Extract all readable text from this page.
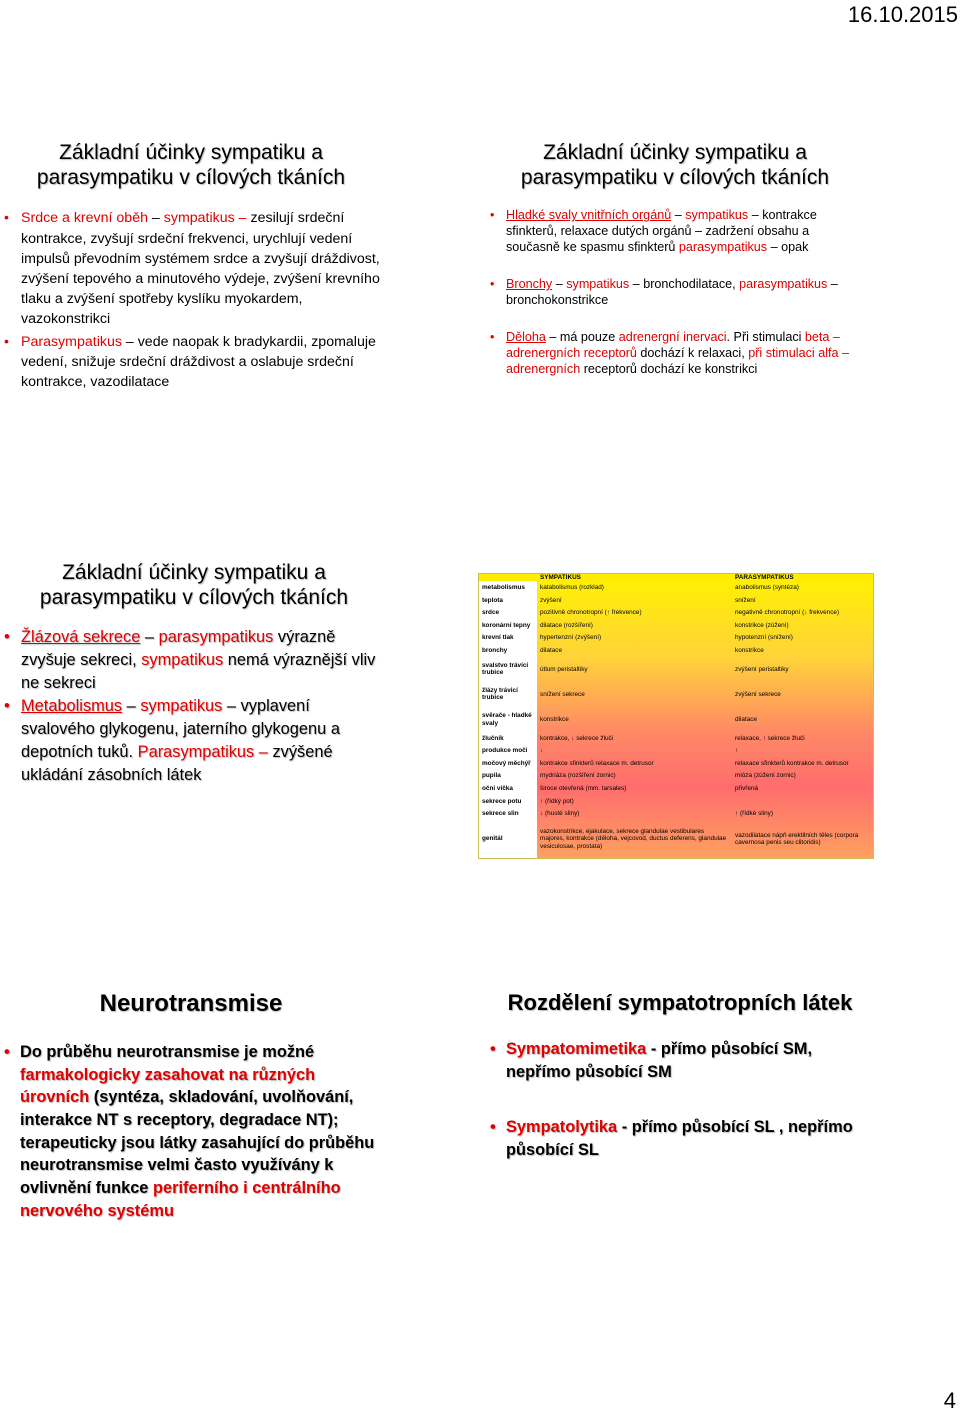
16.10.2015
Základní účinky sympatiku a parasympatiku v cílových tkáních
• Srdce a krevní oběh – sympatikus – zesilují srdeční kontrakce, zvyšují srdeční frekvenci, urychlují vedení impulsů převodním systémem srdce a zvyšují dráždivost, zvýšení tepového a minutového výdeje, zvýšení krevního tlaku a zvýšení spotřeby kyslíku myokardem, vazokonstrikci
• Parasympatikus – vede naopak k bradykardii, zpomaluje vedení, snižuje srdeční dráždivost a oslabuje srdeční kontrakce, vazodilatace
Základní účinky sympatiku a parasympatiku v cílových tkáních
• Hladké svaly vnitřních orgánů – sympatikus – kontrakce sfinkterů, relaxace dutých orgánů – zadržení obsahu a současně ke spasmu sfinkterů parasympatikus – opak
• Bronchy – sympatikus – bronchodilatace, parasympatikus – bronchokonstrikce
• Děloha – má pouze adrenergní inervaci. Při stimulaci beta – adrenergních receptorů dochází k relaxaci, při stimulaci alfa – adrenergních receptorů dochází ke konstrikci
Základní účinky sympatiku a parasympatiku v cílových tkáních
• Žlázová sekrece – parasympatikus výrazně zvyšuje sekreci, sympatikus nemá výraznější vliv ne sekreci
• Metabolismus – sympatikus – vyplavení svalového glykogenu, jaterního glykogenu a depotních tuků. Parasympatikus – zvýšené ukládání zásobních látek
	SYMPATIKUS	PARASYMPATIKUS
metabolismus	katabolismus (rozklad)	anabolismus (syntéza)
teplota	zvýšení	snížení
srdce	pozitivně chronotropní (↑ frekvence)	negativně chronotropní (↓ frekvence)
koronární tepny	dilatace (rozšíření)	konstrikce (zúžení)
krevní tlak	hypertenzní (zvýšení)	hypotenzní (snížení)
bronchy	dilatace	konstrikce
svalstvo trávící trubice	útlum peristaltiky	zvýšení peristaltiky
žlázy trávicí trubice	snížení sekrece	zvýšení sekrece
svěrače - hladké svaly	konstrikce	dilatace
žlučník	kontrakce, ↓ sekrece žluči	relaxace, ↑ sekrece žluči
produkce moči	↓	↑
močový měchýř	kontrakce sfinkterů relaxace m. detrusor	relaxace sfinkterů kontrakce m. detrusor
pupila	mydriáza (rozšíření zornic)	mióza (zúžení zornic)
oční víčka	široce otevřená (mm. tarsales)	přivřená
sekrece potu	↑ (řídký pot)	
sekrece slin	↓ (husté sliny)	↑ (řídké sliny)
genitál	vazokonstrikce, ejakulace, sekrece glandulae vestibulares majores, kontrakce (děloha, vejcovod, ductus deferens, glandulae vesiculosae, prostata)	vazodilatace nápň erektilních těles (corpora cavernosa penis seu clitoridis)
Neurotransmise
• Do průběhu neurotransmise je možné farmakologicky zasahovat na různých úrovních (syntéza, skladování, uvolňování, interakce NT s receptory, degradace NT); terapeuticky jsou látky zasahující do průběhu neurotransmise velmi často využívány k ovlivnění funkce periferního i centrálního nervového systému
Rozdělení sympatotropních látek
• Sympatomimetika - přímo působící SM, nepřímo působící SM
• Sympatolytika - přímo působící SL , nepřímo působící SL
4
